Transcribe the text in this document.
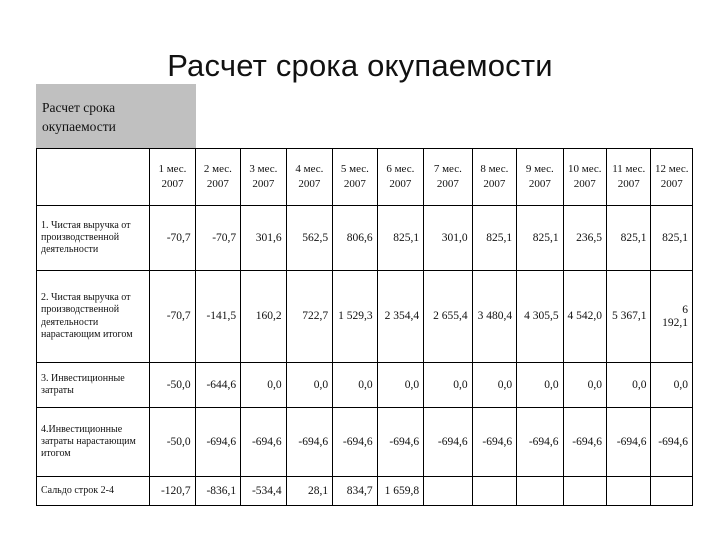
Расчет срока окупаемости
Расчет срока окупаемости
	1 мес. 2007	2 мес. 2007	3 мес. 2007	4 мес. 2007	5 мес. 2007	6 мес. 2007	7 мес. 2007	8 мес. 2007	9 мес. 2007	10 мес. 2007	11 мес. 2007	12 мес. 2007
1. Чистая выручка от производственной деятельности	-70,7	-70,7	301,6	562,5	806,6	825,1	301,0	825,1	825,1	236,5	825,1	825,1
2. Чистая выручка от производственной деятельности нарастающим итогом	-70,7	-141,5	160,2	722,7	1 529,3	2 354,4	2 655,4	3 480,4	4 305,5	4 542,0	5 367,1	6 192,1
3. Инвестиционные затраты	-50,0	-644,6	0,0	0,0	0,0	0,0	0,0	0,0	0,0	0,0	0,0	0,0
4.Инвестиционные затраты нарастающим итогом	-50,0	-694,6	-694,6	-694,6	-694,6	-694,6	-694,6	-694,6	-694,6	-694,6	-694,6	-694,6
Сальдо строк 2-4	-120,7	-836,1	-534,4	28,1	834,7	1 659,8						
